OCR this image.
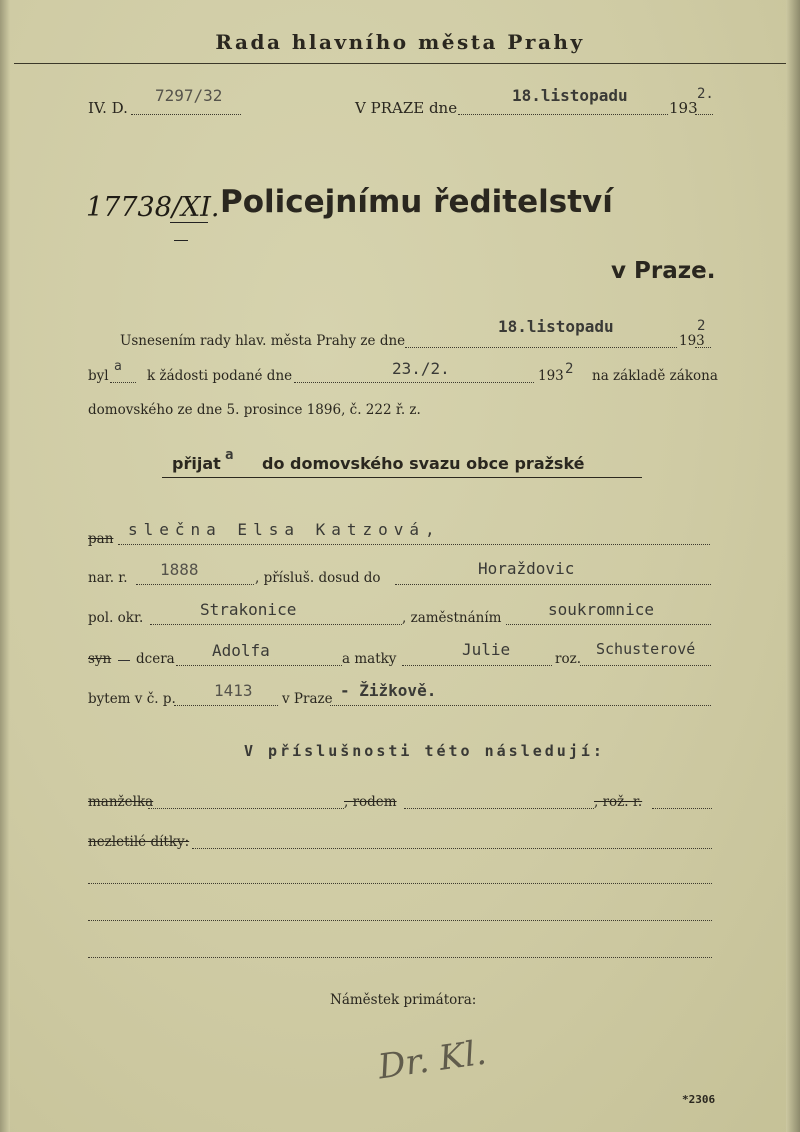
Rada hlavního města Prahy
IV. D.
7297/32
V PRAZE dne
18.listopadu
193
2.
17738/XI. Policejnímu ředitelství
v Praze.
Usnesením rady hlav. města Prahy ze dne
18.listopadu
193
2
byl
a
k žádosti podané dne	23./2.	193 2 na základě zákona
domovského ze dne 5. prosince 1896, č. 222 ř. z.
přijat a do domovského svazu obce pražské
pan slečna Elsa Katzová,
nar. r. 1888	, přísluš. dosud do	Horaždovic
pol. okr.	Strakonice	, zaměstnáním	soukromnice
syn dcera Adolfa	a matky	Julie	roz.
Schusterové
bytem v č. p. 1413 v Praze - Žižkově.
V příslušnosti této následují:
manželka	, rodem	, rož. r.
nezletilé dítky:
Náměstek primátora:
Dr. Kl.
*2306
